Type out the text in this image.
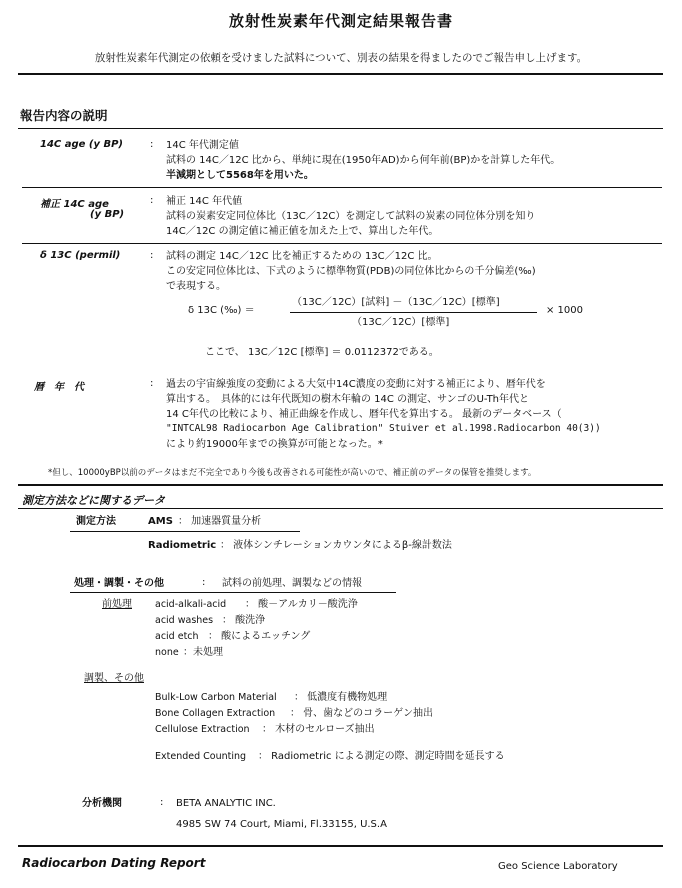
放射性炭素年代測定結果報告書
放射性炭素年代測定の依頼を受けました試料について、別表の結果を得ましたのでご報告申し上げます。
報告内容の説明
14C age (y BP)	: 14C 年代測定値
試料の 14C／12C 比から、単純に現在(1950年AD)から何年前(BP)かを計算した年代。
半減期として5568年を用いた。
補正 14C age
(y BP)
: 補正 14C 年代値
試料の炭素安定同位体比（13C／12C）を測定して試料の炭素の同位体分別を知り
14C／12C の測定値に補正値を加えた上で、算出した年代。
δ 13C (permil)	: 試料の測定 14C／12C 比を補正するための 13C／12C 比。
この安定同位体比は、下式のように標準物質(PDB)の同位体比からの千分偏差(‰)
で表現する。
δ 13C (‰) ＝
（13C／12C）[試料] －（13C／12C）[標準]
（13C／12C）[標準]
× 1000
ここで、 13C／12C [標準] ＝ 0.0112372である。
暦　年　代	: 過去の宇宙線強度の変動による大気中14C濃度の変動に対する補正により、暦年代を
算出する。　具体的には年代既知の樹木年輪の 14C の測定、サンゴのU-Th年代と
14 C年代の比較により、補正曲線を作成し、暦年代を算出する。 最新のデータベース（
"INTCAL98 Radiocarbon Age Calibration" Stuiver et al.1998.Radiocarbon 40(3))
により約19000年までの換算が可能となった。*
*但し、10000yBP以前のデータはまだ不完全であり今後も改善される可能性が高いので、補正前のデータの保管を推奨します。
測定方法などに関するデータ
測定方法	AMS ： 加速器質量分析
Radiometric ： 液体シンチレーションカウンタによるβ-線計数法
処理・調製・その他	: 試料の前処理、調製などの情報
前処理 acid-alkali-acid ： 酸－アルカリ－酸洗浄
acid washes ： 酸洗浄
acid etch ： 酸によるエッチング
none ：未処理
調製、その他
Bulk-Low Carbon Material ： 低濃度有機物処理
Bone Collagen Extraction ： 骨、歯などのコラーゲン抽出
Cellulose Extraction ： 木材のセルローズ抽出
Extended Counting ： Radiometric による測定の際、測定時間を延長する
分析機関	: BETA ANALYTIC INC.
4985 SW 74 Court, Miami, Fl.33155, U.S.A
Radiocarbon Dating Report	Geo Science Laboratory
